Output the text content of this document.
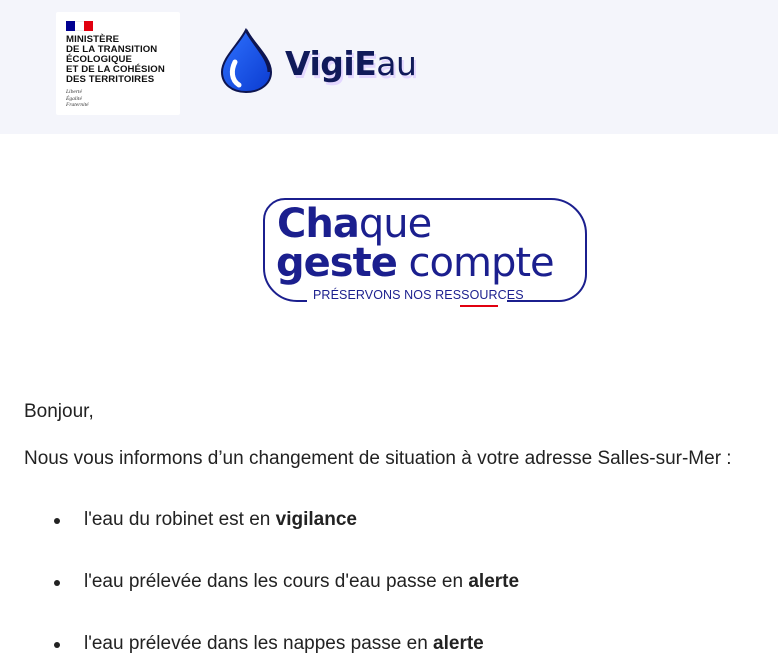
MINISTÈRE
DE LA TRANSITION
ÉCOLOGIQUE
ET DE LA COHÉSION
DES TERRITOIRES
Liberté
Égalité
Fraternité
VigiEau
Chaque
geste compte
PRÉSERVONS NOS RESSOURCES
Bonjour,
Nous vous informons d’un changement de situation à votre adresse Salles-sur-Mer :
l'eau du robinet est en vigilance
l'eau prélevée dans les cours d'eau passe en alerte
l'eau prélevée dans les nappes passe en alerte
